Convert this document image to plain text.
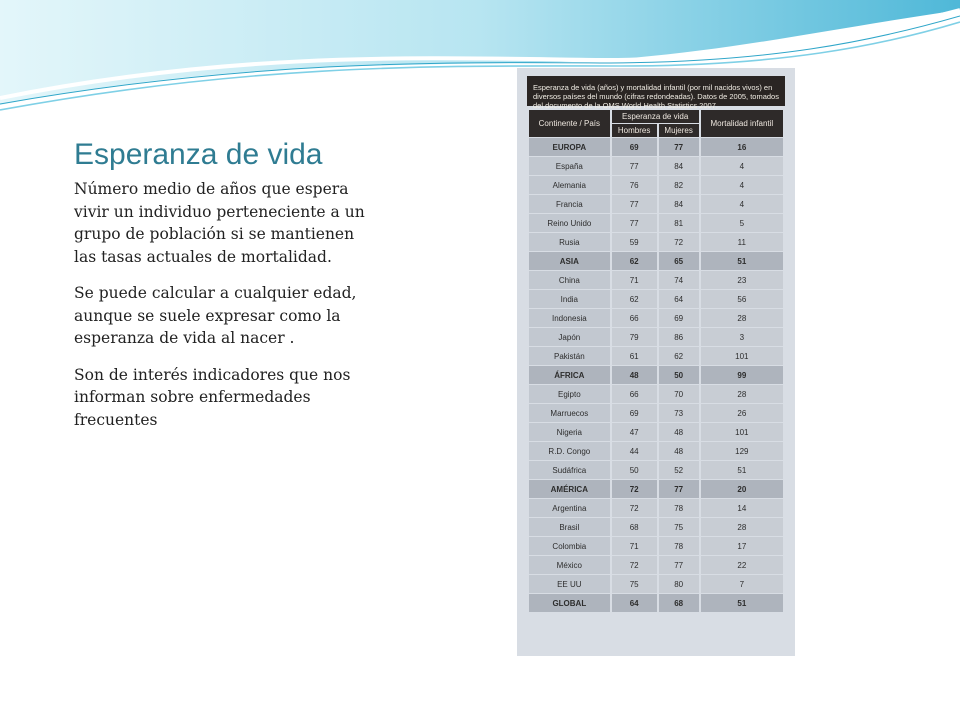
Esperanza de vida

Número medio de años que espera vivir un individuo perteneciente a un grupo de población si se mantienen las tasas actuales de mortalidad.

Se puede calcular a cualquier edad, aunque se suele expresar como la esperanza de vida al nacer .

Son de interés indicadores que nos informan sobre enfermedades frecuentes

Esperanza de vida (años) y mortalidad infantil (por mil nacidos vivos) en diversos países del mundo (cifras redondeadas). Datos de 2005, tomados del documento de la OMS World Health Statistics 2007.
Continente / País	Esperanza de vida		Mortalidad infantil
	Hombres	Mujeres	
EUROPA	69	77	16
España	77	84	4
Alemania	76	82	4
Francia	77	84	4
Reino Unido	77	81	5
Rusia	59	72	11
ASIA	62	65	51
China	71	74	23
India	62	64	56
Indonesia	66	69	28
Japón	79	86	3
Pakistán	61	62	101
ÁFRICA	48	50	99
Egipto	66	70	28
Marruecos	69	73	26
Nigeria	47	48	101
R.D. Congo	44	48	129
Sudáfrica	50	52	51
AMÉRICA	72	77	20
Argentina	72	78	14
Brasil	68	75	28
Colombia	71	78	17
México	72	77	22
EE UU	75	80	7
GLOBAL	64	68	51
